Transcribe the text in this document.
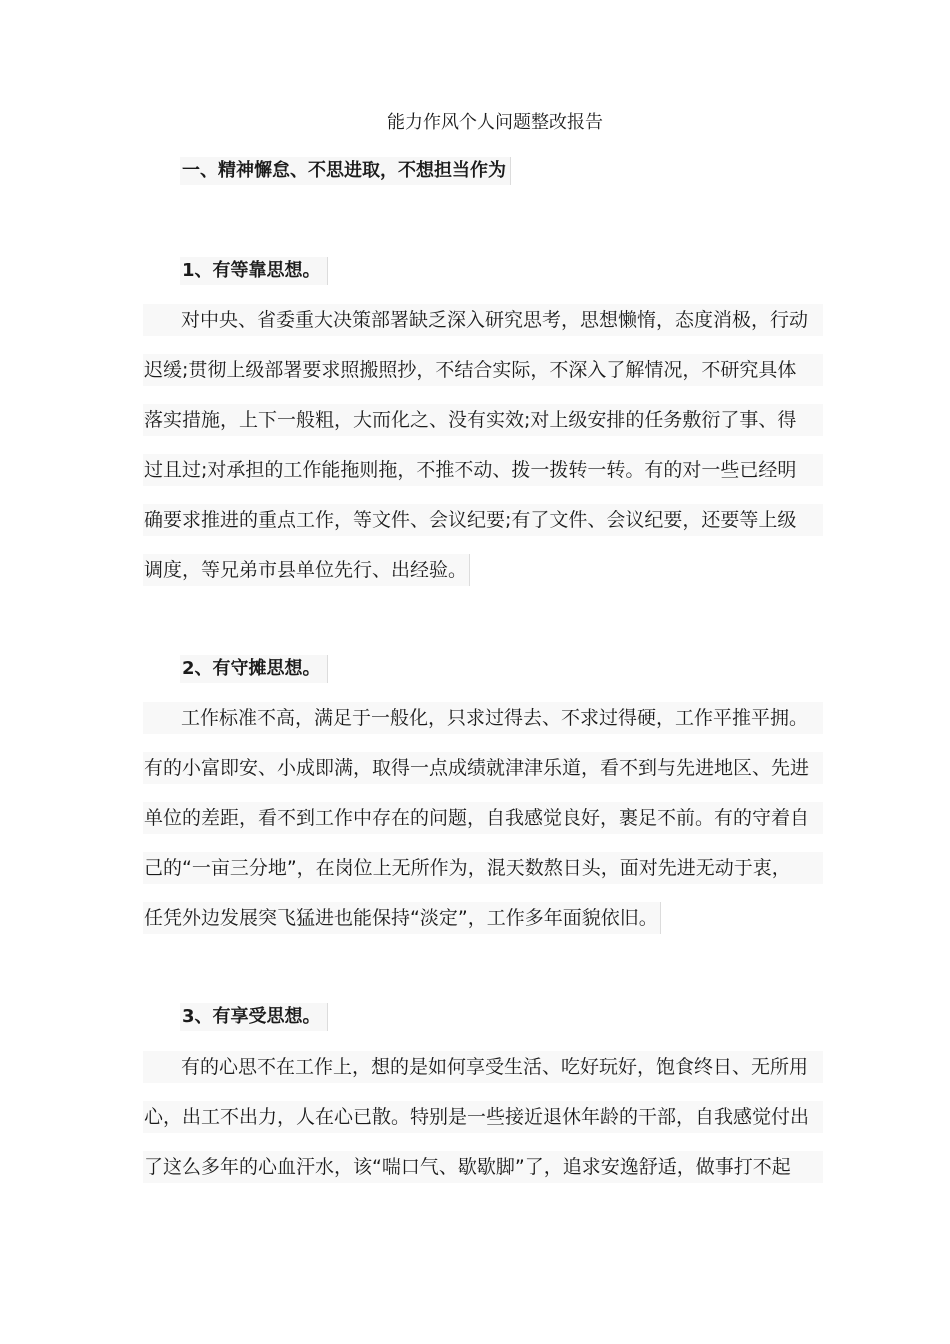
能力作风个人问题整改报告
一、精神懈怠、不思进取，不想担当作为
1、有等靠思想。
对中央、省委重大决策部署缺乏深入研究思考，思想懒惰，态度消极，行动
迟缓;贯彻上级部署要求照搬照抄，不结合实际，不深入了解情况，不研究具体
落实措施，上下一般粗，大而化之、没有实效;对上级安排的任务敷衍了事、得
过且过;对承担的工作能拖则拖，不推不动、拨一拨转一转。有的对一些已经明
确要求推进的重点工作，等文件、会议纪要;有了文件、会议纪要，还要等上级
调度，等兄弟市县单位先行、出经验。
2、有守摊思想。
工作标准不高，满足于一般化，只求过得去、不求过得硬，工作平推平拥。
有的小富即安、小成即满，取得一点成绩就津津乐道，看不到与先进地区、先进
单位的差距，看不到工作中存在的问题，自我感觉良好，裹足不前。有的守着自
己的“一亩三分地”，在岗位上无所作为，混天数熬日头，面对先进无动于衷，
任凭外边发展突飞猛进也能保持“淡定”，工作多年面貌依旧。
3、有享受思想。
有的心思不在工作上，想的是如何享受生活、吃好玩好，饱食终日、无所用
心，出工不出力，人在心已散。特别是一些接近退休年龄的干部，自我感觉付出
了这么多年的心血汗水，该“喘口气、歇歇脚”了，追求安逸舒适，做事打不起
